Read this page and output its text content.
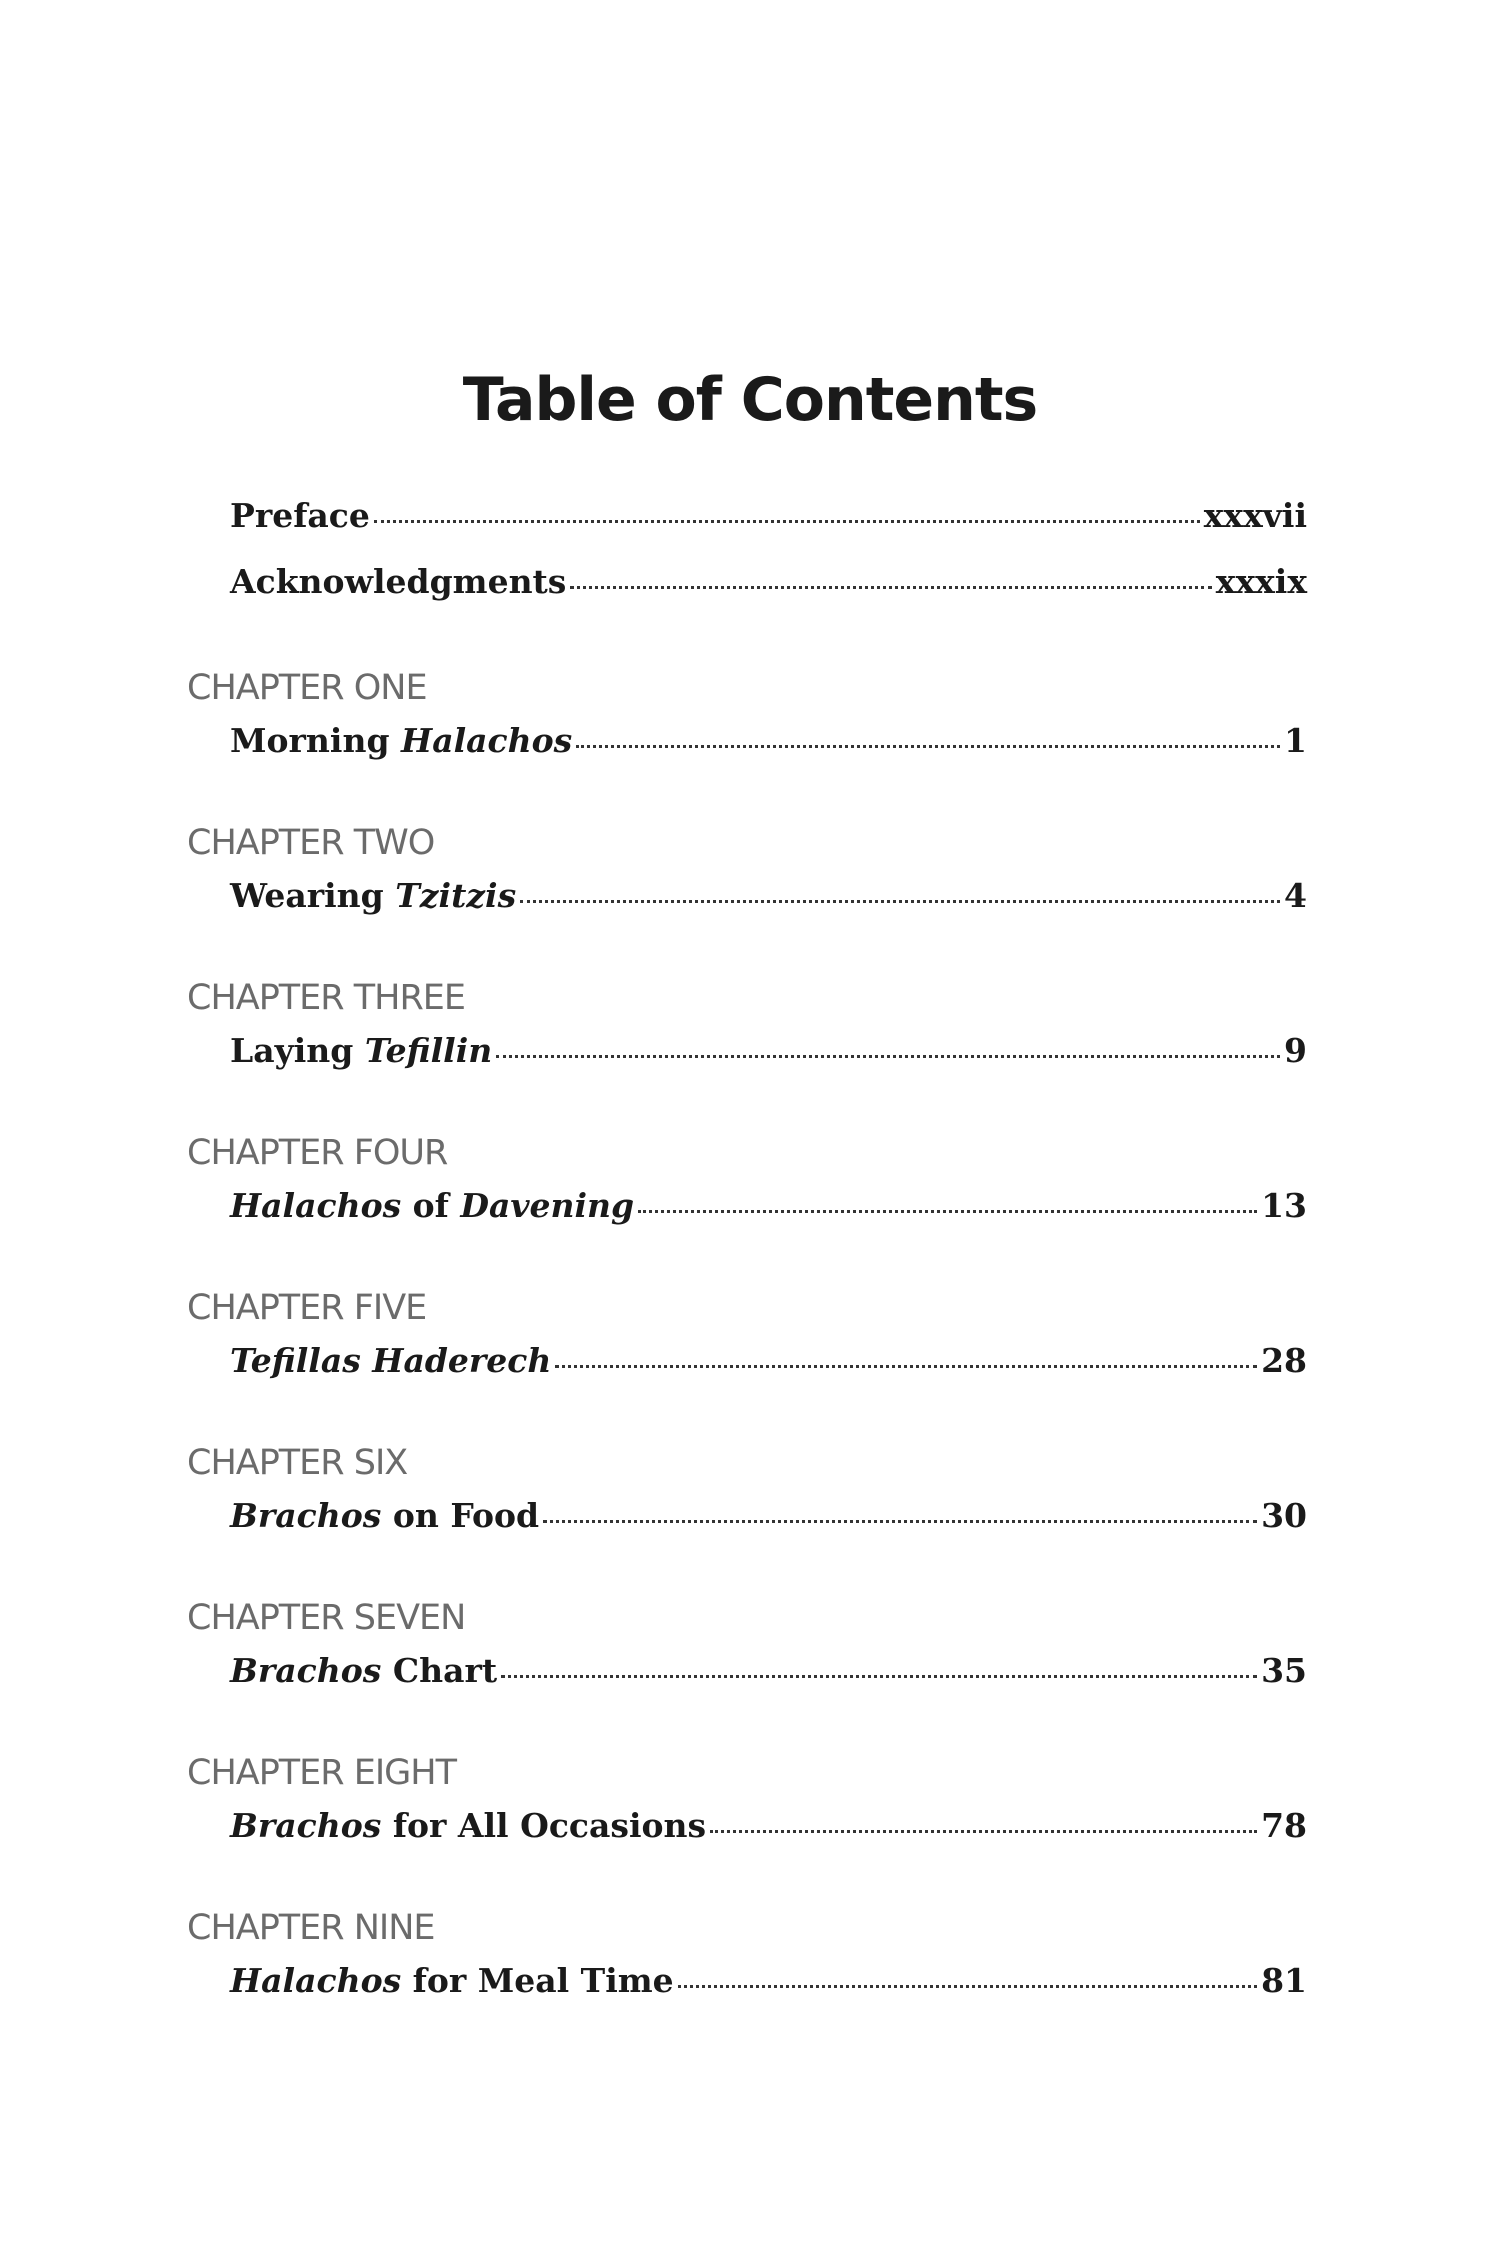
Table of Contents
Preface	xxxvii
Acknowledgments	xxxix
CHAPTER ONE
Morning Halachos	1
CHAPTER TWO
Wearing Tzitzis	4
CHAPTER THREE
Laying Tefillin	9
CHAPTER FOUR
Halachos of Davening	13
CHAPTER FIVE
Tefillas Haderech	28
CHAPTER SIX
Brachos on Food	30
CHAPTER SEVEN
Brachos Chart	35
CHAPTER EIGHT
Brachos for All Occasions	78
CHAPTER NINE
Halachos for Meal Time	81
